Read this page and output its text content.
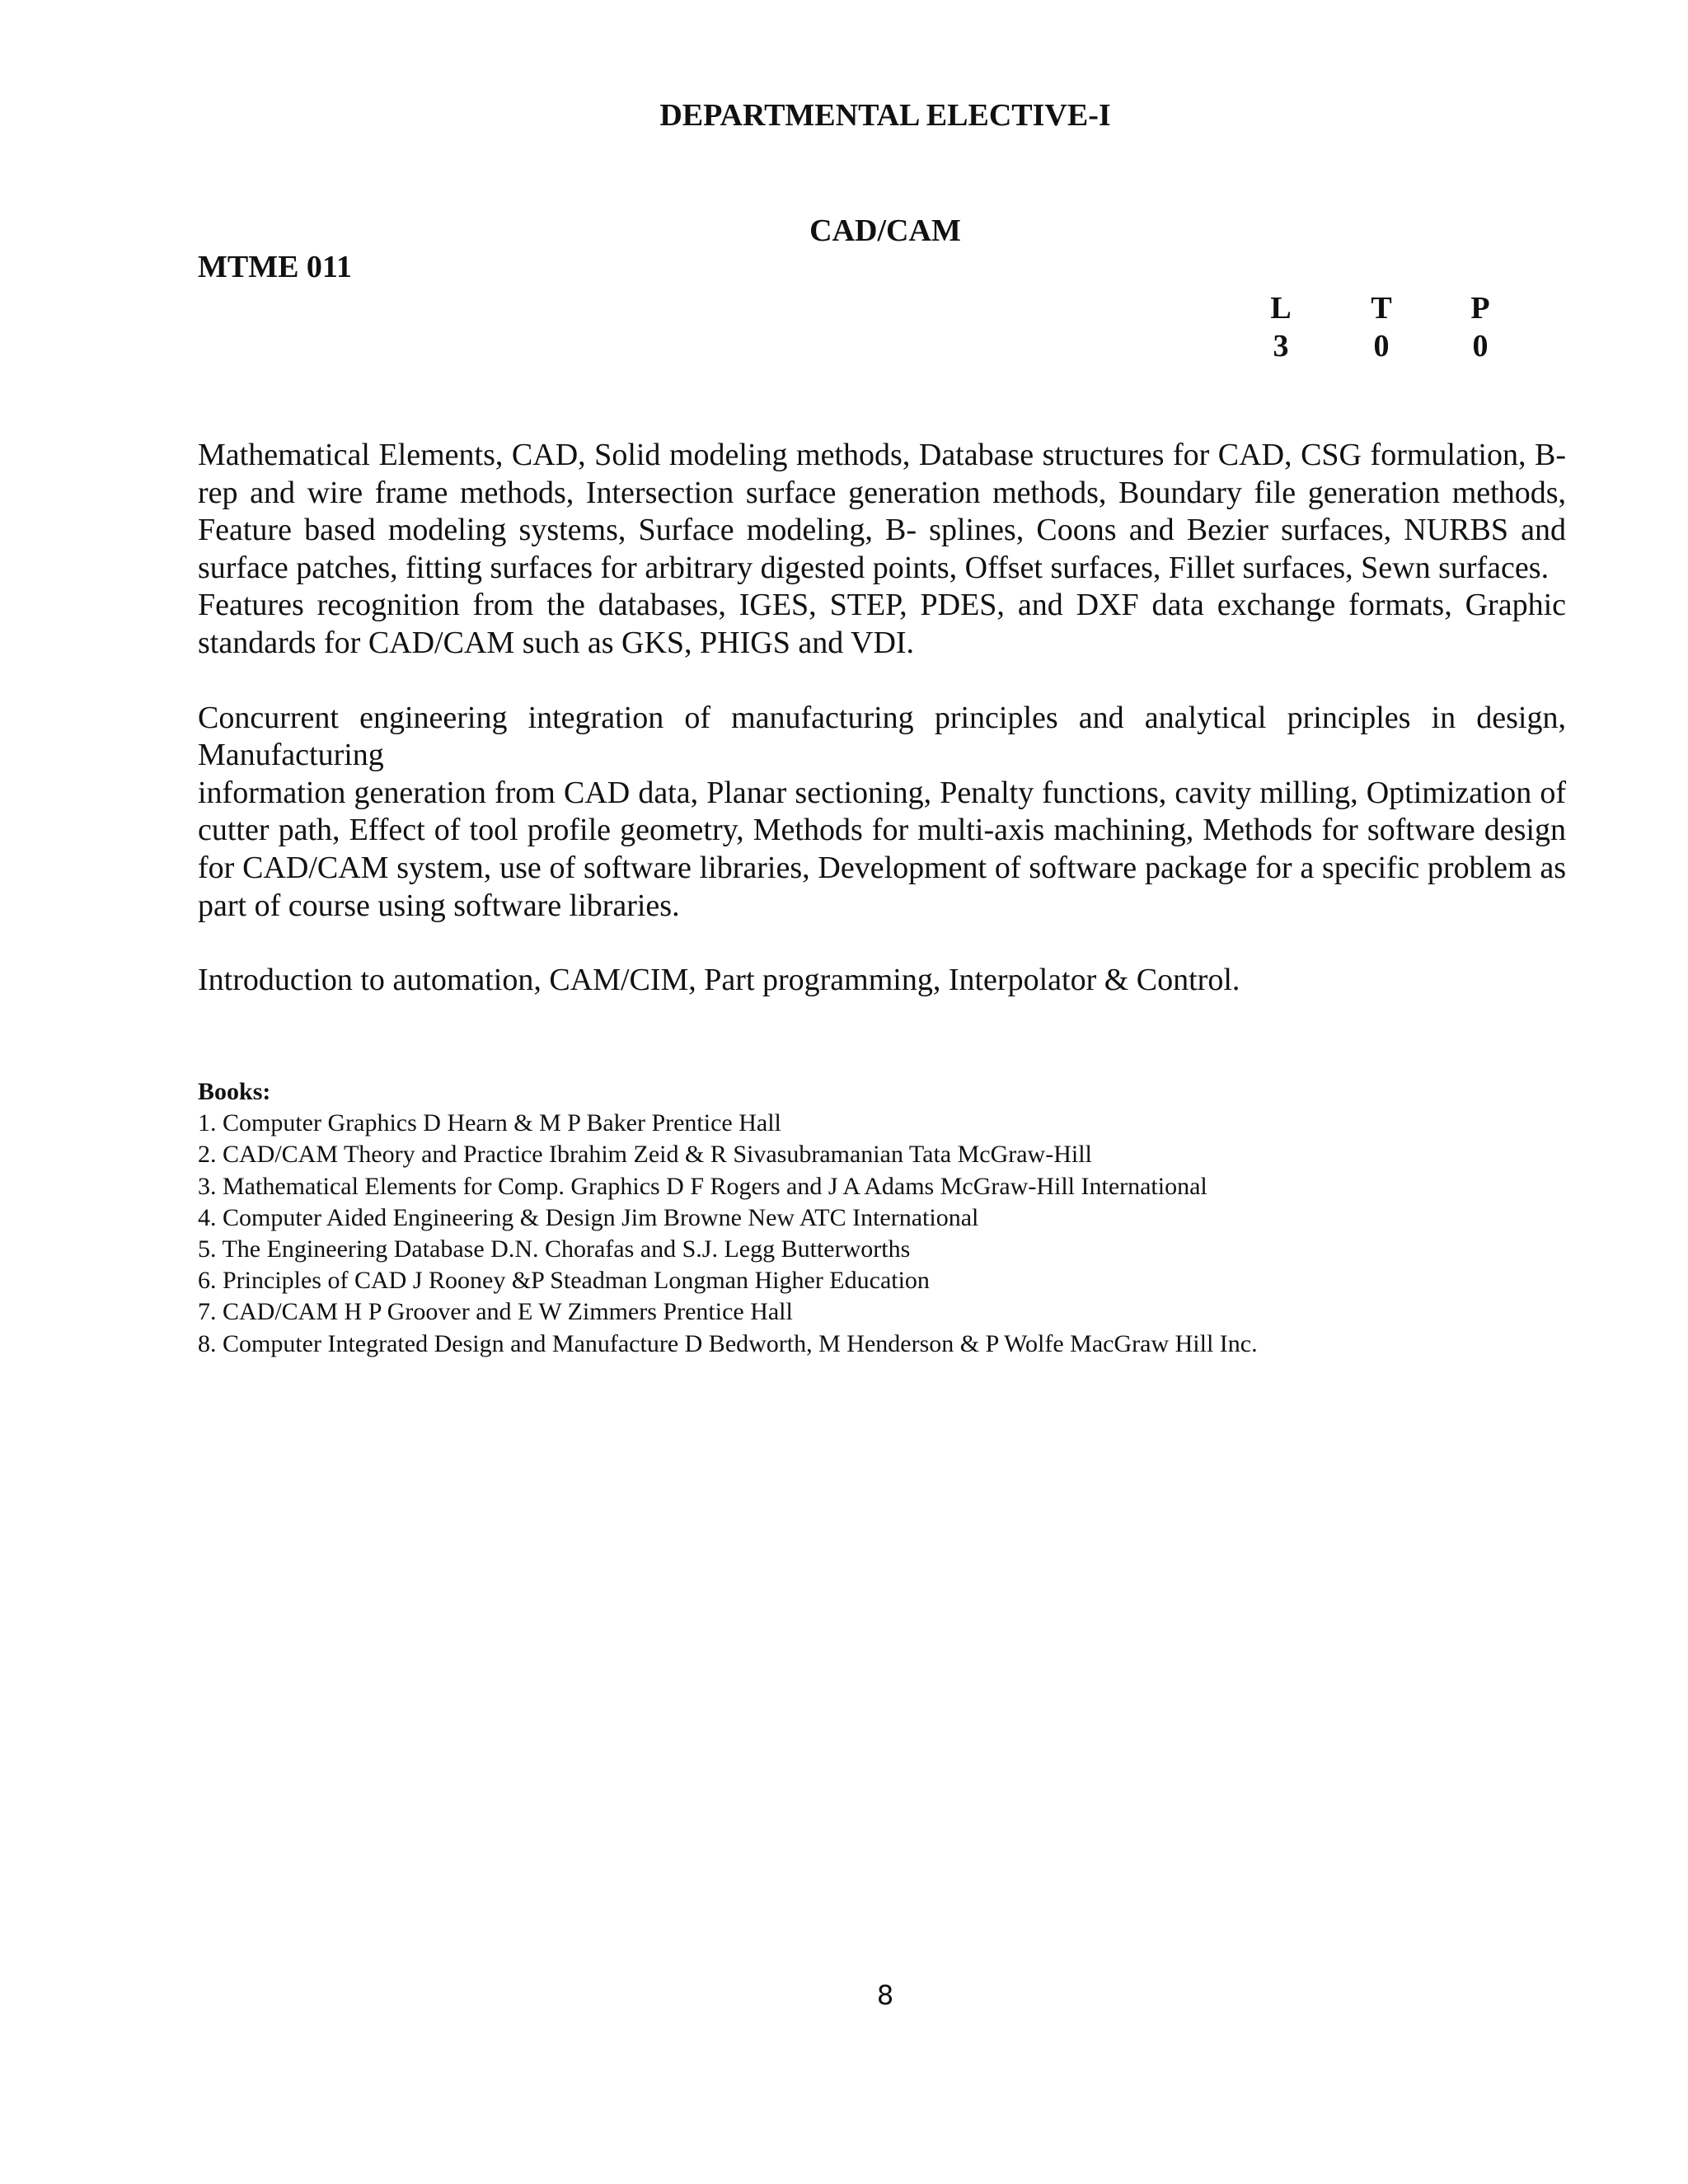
DEPARTMENTAL ELECTIVE-I
CAD/CAM
MTME 011
L	T	P
3	0	0

Mathematical Elements, CAD, Solid modeling methods, Database structures for CAD, CSG formulation, B-rep and wire frame methods, Intersection surface generation methods, Boundary file generation methods, Feature based modeling systems, Surface modeling, B- splines, Coons and Bezier surfaces, NURBS and surface patches, fitting surfaces for arbitrary digested points, Offset surfaces, Fillet surfaces, Sewn surfaces.

Features recognition from the databases, IGES, STEP, PDES, and DXF data exchange formats, Graphic standards for CAD/CAM such as GKS, PHIGS and VDI.

Concurrent engineering integration of manufacturing principles and analytical principles in design, Manufacturing

information generation from CAD data, Planar sectioning, Penalty functions, cavity milling, Optimization of cutter path, Effect of tool profile geometry, Methods for multi-axis machining, Methods for software design for CAD/CAM system, use of software libraries, Development of software package for a specific problem as part of course using software libraries.

Introduction to automation, CAM/CIM, Part programming, Interpolator & Control.

Books:
1. Computer Graphics D Hearn & M P Baker Prentice Hall
2. CAD/CAM Theory and Practice Ibrahim Zeid & R Sivasubramanian Tata McGraw-Hill
3. Mathematical Elements for Comp. Graphics D F Rogers and J A Adams McGraw-Hill International
4. Computer Aided Engineering & Design Jim Browne New ATC International
5. The Engineering Database D.N. Chorafas and S.J. Legg Butterworths
6. Principles of CAD J Rooney &P Steadman Longman Higher Education
7. CAD/CAM H P Groover and E W Zimmers Prentice Hall
8. Computer Integrated Design and Manufacture D Bedworth, M Henderson & P Wolfe MacGraw Hill Inc.
8
